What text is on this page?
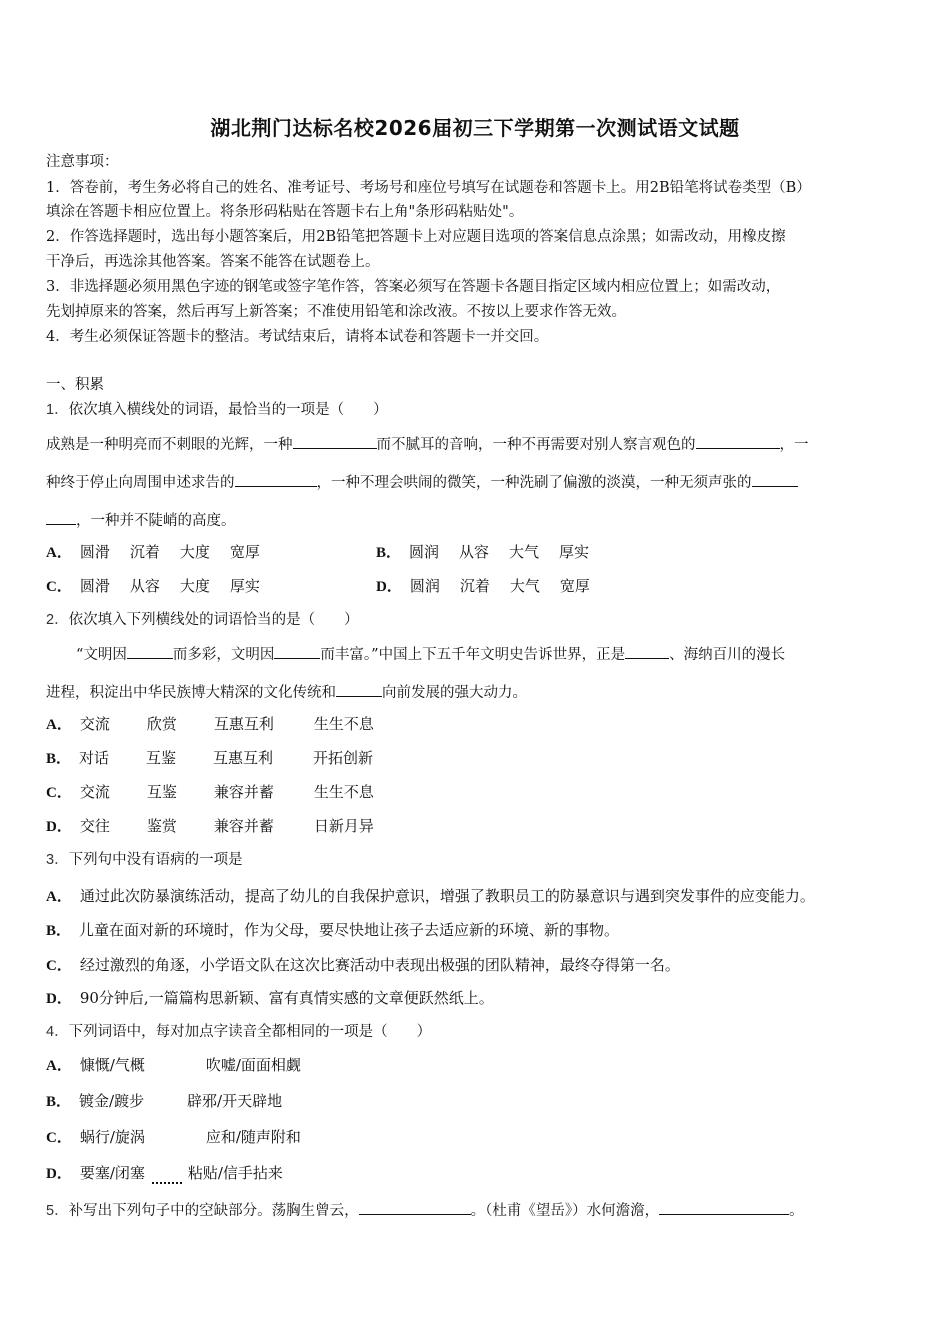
湖北荆门达标名校2026届初三下学期第一次测试语文试题
注意事项：
1．答卷前，考生务必将自己的姓名、准考证号、考场号和座位号填写在试题卷和答题卡上。用2B铅笔将试卷类型（B）
填涂在答题卡相应位置上。将条形码粘贴在答题卡右上角"条形码粘贴处"。
2．作答选择题时，选出每小题答案后，用2B铅笔把答题卡上对应题目选项的答案信息点涂黑；如需改动，用橡皮擦
干净后，再选涂其他答案。答案不能答在试题卷上。
3．非选择题必须用黑色字迹的钢笔或签字笔作答，答案必须写在答题卡各题目指定区域内相应位置上；如需改动，
先划掉原来的答案，然后再写上新答案；不准使用铅笔和涂改液。不按以上要求作答无效。
4．考生必须保证答题卡的整洁。考试结束后，请将本试卷和答题卡一并交回。
一、积累
1．依次填入横线处的词语，最恰当的一项是（　　）
成熟是一种明亮而不刺眼的光辉，一种	而不腻耳的音响，一种不再需要对别人察言观色的	，一
种终于停止向周围申述求告的	，一种不理会哄闹的微笑，一种洗刷了偏激的淡漠，一种无须声张的
，一种并不陡峭的高度。
A． 圆滑 沉着 大度 宽厚	B． 圆润 从容 大气 厚实
C． 圆滑 从容 大度 厚实	D． 圆润 沉着 大气 宽厚
2．依次填入下列横线处的词语恰当的是（　　）
“文明因	而多彩，文明因	而丰富。”中国上下五千年文明史告诉世界，正是	、海纳百川的漫长
进程，积淀出中华民族博大精深的文化传统和	向前发展的强大动力。
A． 交流 欣赏 互惠互利	生生不息
B． 对话 互鉴 互惠互利	开拓创新
C． 交流 互鉴 兼容并蓄	生生不息
D． 交往 鉴赏 兼容并蓄	日新月异
3．下列句中没有语病的一项是
A． 通过此次防暴演练活动，提高了幼儿的自我保护意识，增强了教职员工的防暴意识与遇到突发事件的应变能力。
B． 儿童在面对新的环境时，作为父母，要尽快地让孩子去适应新的环境、新的事物。
C． 经过激烈的角逐，小学语文队在这次比赛活动中表现出极强的团队精神，最终夺得第一名。
D． 90分钟后,一篇篇构思新颖、富有真情实感的文章便跃然纸上。
4．下列词语中，每对加点字读音全都相同的一项是（　　）
A． 慷慨/气概	吹嘘/面面相觑
B． 镀金/踱步	辟邪/开天辟地
C． 蜗行/旋涡	应和/随声附和
D． 要塞/闭塞	粘贴/信手拈来
5．补写出下列句子中的空缺部分。荡胸生曾云，	。（杜甫《望岳》）水何澹澹，	。
